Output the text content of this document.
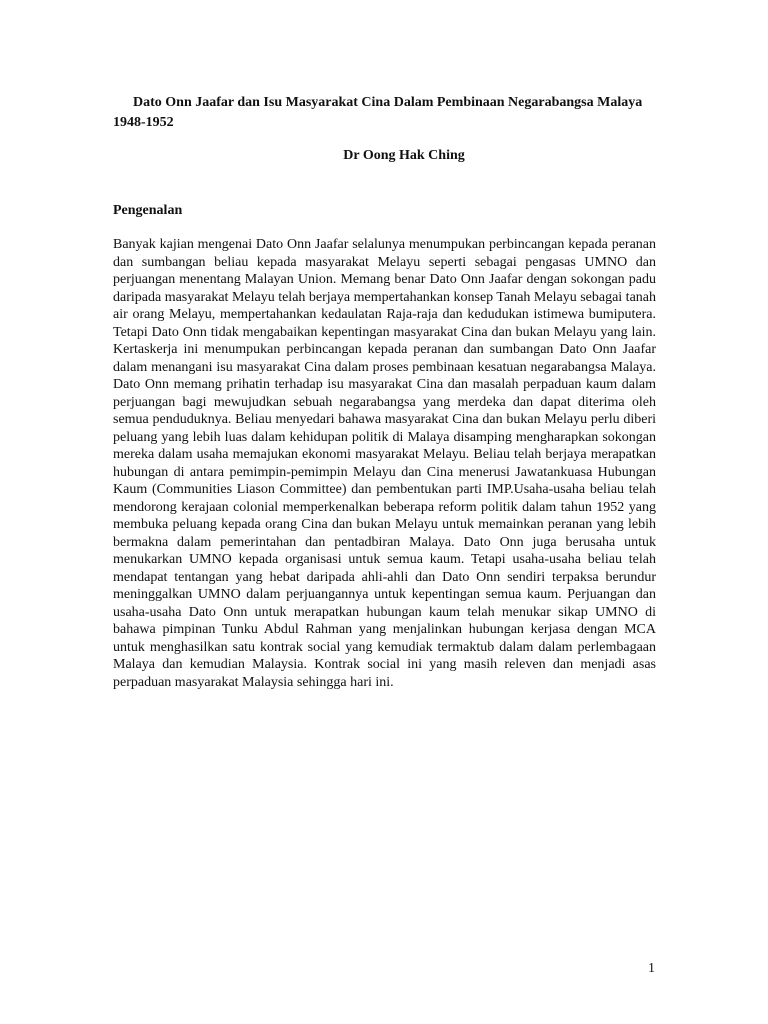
Dato Onn Jaafar dan Isu Masyarakat Cina Dalam Pembinaan Negarabangsa Malaya 1948-1952

Dr Oong Hak Ching

Pengenalan

Banyak kajian mengenai Dato Onn Jaafar selalunya menumpukan perbincangan kepada peranan dan sumbangan beliau kepada masyarakat Melayu seperti sebagai pengasas UMNO dan perjuangan menentang Malayan Union. Memang benar Dato Onn Jaafar dengan sokongan padu daripada masyarakat Melayu telah berjaya mempertahankan konsep Tanah Melayu sebagai tanah air orang Melayu, mempertahankan kedaulatan Raja-raja dan kedudukan istimewa bumiputera. Tetapi Dato Onn tidak mengabaikan kepentingan masyarakat Cina dan bukan Melayu yang lain. Kertaskerja ini menumpukan perbincangan kepada peranan dan sumbangan Dato Onn Jaafar dalam menangani isu masyarakat Cina dalam proses pembinaan kesatuan negarabangsa Malaya. Dato Onn memang prihatin terhadap isu masyarakat Cina dan masalah perpaduan kaum dalam perjuangan bagi mewujudkan sebuah negarabangsa yang merdeka dan dapat diterima oleh semua penduduknya. Beliau menyedari bahawa masyarakat Cina dan bukan Melayu perlu diberi peluang yang lebih luas dalam kehidupan politik di Malaya disamping mengharapkan sokongan mereka dalam usaha memajukan ekonomi masyarakat Melayu. Beliau telah berjaya merapatkan hubungan di antara pemimpin-pemimpin Melayu dan Cina menerusi Jawatankuasa Hubungan Kaum (Communities Liason Committee) dan pembentukan parti IMP.Usaha-usaha beliau telah mendorong kerajaan colonial memperkenalkan beberapa reform politik dalam tahun 1952 yang membuka peluang kepada orang Cina dan bukan Melayu untuk memainkan peranan yang lebih bermakna dalam pemerintahan dan pentadbiran Malaya. Dato Onn juga berusaha untuk menukarkan UMNO kepada organisasi untuk semua kaum. Tetapi usaha-usaha beliau telah mendapat tentangan yang hebat daripada ahli-ahli dan Dato Onn sendiri terpaksa berundur meninggalkan UMNO dalam perjuangannya untuk kepentingan semua kaum. Perjuangan dan usaha-usaha Dato Onn untuk merapatkan hubungan kaum telah menukar sikap UMNO di bahawa pimpinan Tunku Abdul Rahman yang menjalinkan hubungan kerjasa dengan MCA untuk menghasilkan satu kontrak social yang kemudiak termaktub dalam dalam perlembagaan Malaya dan kemudian Malaysia. Kontrak social ini yang masih releven dan menjadi asas perpaduan masyarakat Malaysia sehingga hari ini.

1
